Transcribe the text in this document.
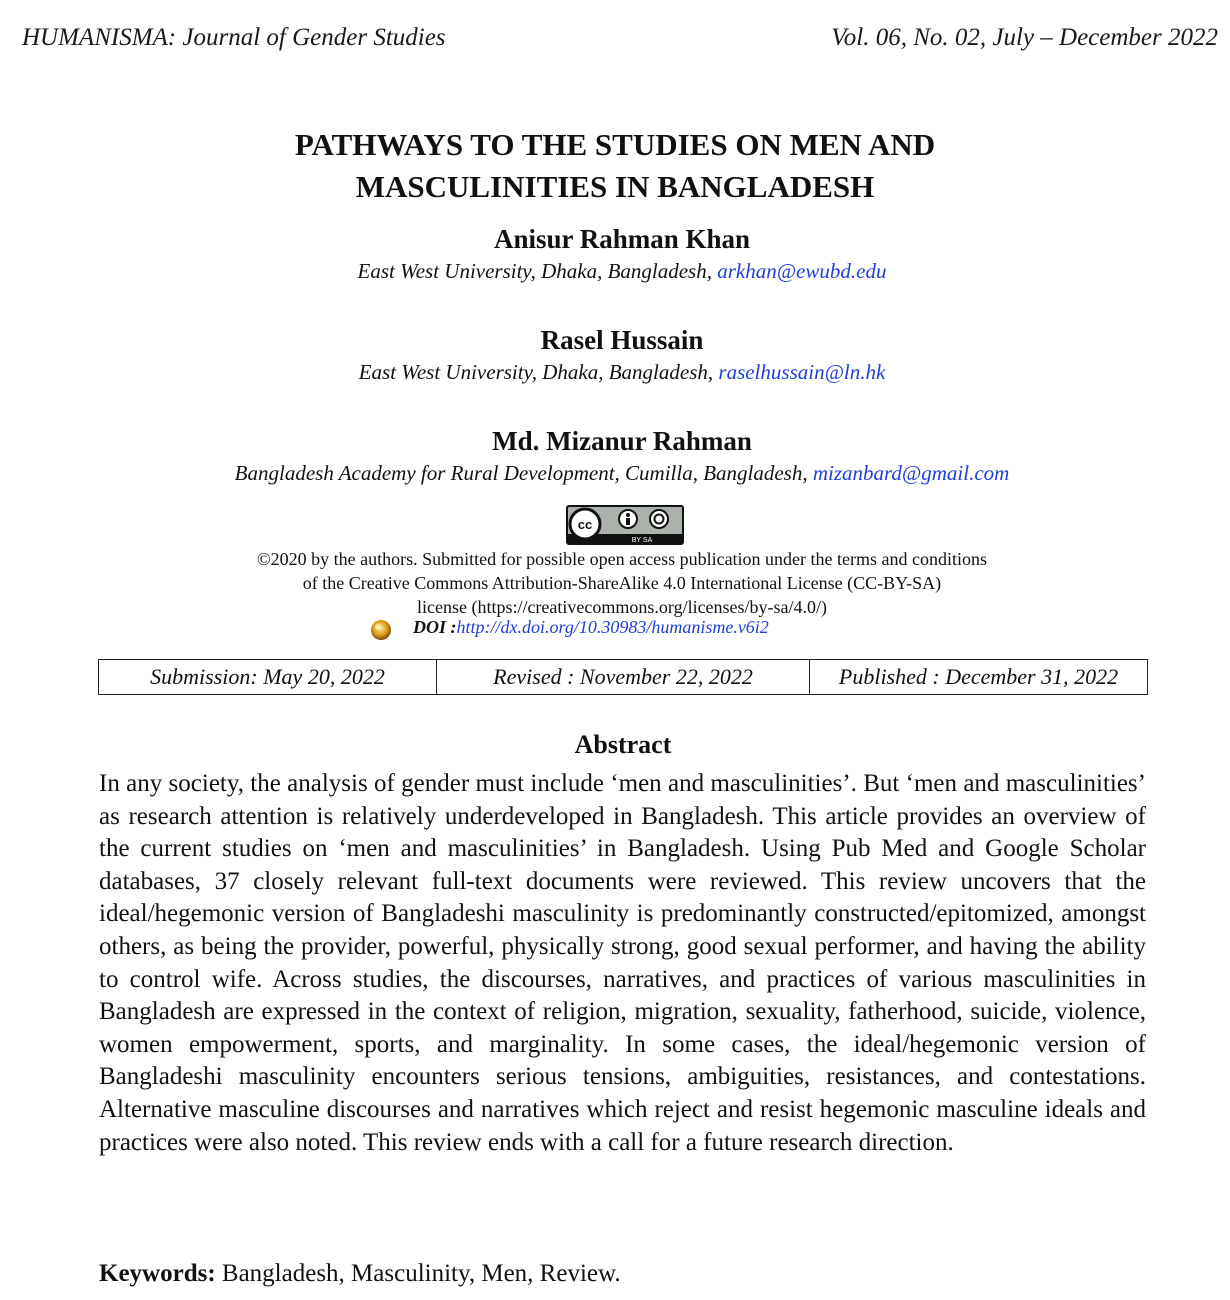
HUMANISMA: Journal of Gender Studies	Vol. 06, No. 02, July – December 2022
PATHWAYS TO THE STUDIES ON MEN AND
MASCULINITIES IN BANGLADESH
Anisur Rahman Khan
East West University, Dhaka, Bangladesh, arkhan@ewubd.edu
Rasel Hussain
East West University, Dhaka, Bangladesh, raselhussain@ln.hk
Md. Mizanur Rahman
Bangladesh Academy for Rural Development, Cumilla, Bangladesh, mizanbard@gmail.com
cc
BY SA
©2020 by the authors. Submitted for possible open access publication under the terms and conditions
of the Creative Commons Attribution-ShareAlike 4.0 International License (CC-BY-SA)
license (https://creativecommons.org/licenses/by-sa/4.0/)
DOI :http://dx.doi.org/10.30983/humanisme.v6i2
Submission: May 20, 2022	Revised : November 22, 2022	Published : December 31, 2022
Abstract
In any society, the analysis of gender must include ‘men and masculinities’. But ‘men and masculinities’ as research attention is relatively underdeveloped in Bangladesh. This article provides an overview of the current studies on ‘men and masculinities’ in Bangladesh. Using Pub Med and Google Scholar databases, 37 closely relevant full-text documents were reviewed. This review uncovers that the ideal/hegemonic version of Bangladeshi masculinity is predominantly constructed/epitomized, amongst others, as being the provider, powerful, physically strong, good sexual performer, and having the ability to control wife. Across studies, the discourses, narratives, and practices of various masculinities in Bangladesh are expressed in the context of religion, migration, sexuality, fatherhood, suicide, violence, women empowerment, sports, and marginality. In some cases, the ideal/hegemonic version of Bangladeshi masculinity encounters serious tensions, ambiguities, resistances, and contestations. Alternative masculine discourses and narratives which reject and resist hegemonic masculine ideals and practices were also noted. This review ends with a call for a future research direction.
Keywords: Bangladesh, Masculinity, Men, Review.
